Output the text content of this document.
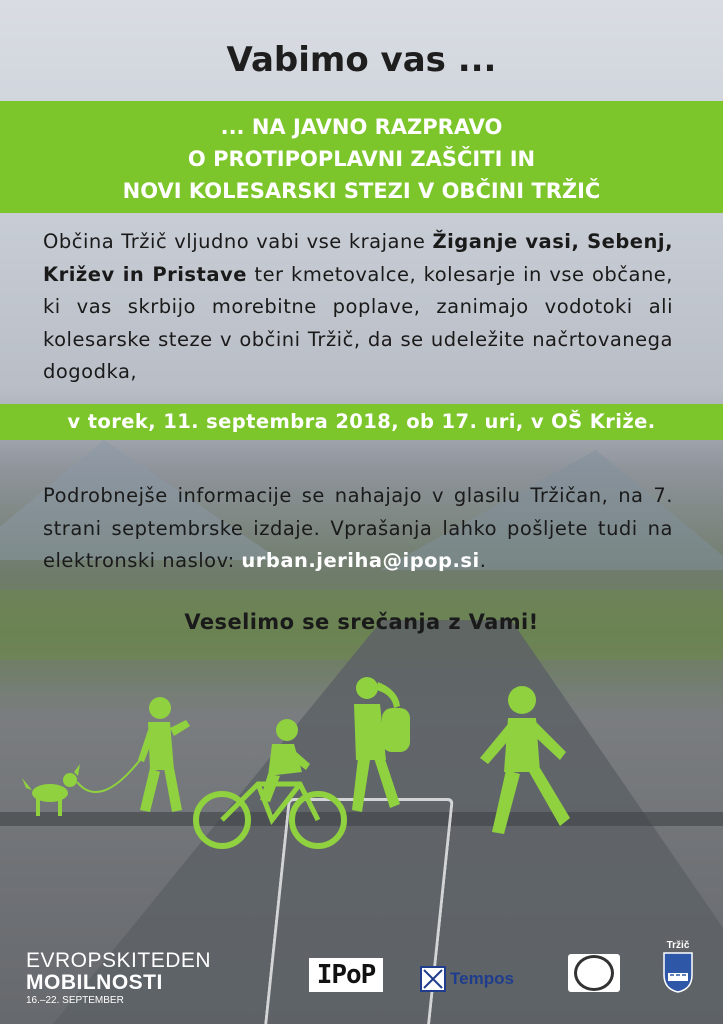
Vabimo vas ...
... NA JAVNO RAZPRAVO
O PROTIPOPLAVNI ZAŠČITI IN
NOVI KOLESARSKI STEZI V OBČINI TRŽIČ
Občina Tržič vljudno vabi vse krajane Žiganje vasi, Sebenj, Križev in Pristave ter kmetovalce, kolesarje in vse občane, ki vas skrbijo morebitne poplave, zanimajo vodotoki ali kolesarske steze v občini Tržič, da se udeležite načrtovanega dogodka,
v torek, 11. septembra 2018, ob 17. uri, v OŠ Križe.
Podrobnejše informacije se nahajajo v glasilu Tržičan, na 7. strani septembrske izdaje. Vprašanja lahko pošljete tudi na elektronski naslov: urban.jeriha@ipop.si.
Veselimo se srečanja z Vami!
EVROPSKITEDEN
MOBILNOSTI
16.–22. SEPTEMBER
IPoP	Tempos
Tržič
